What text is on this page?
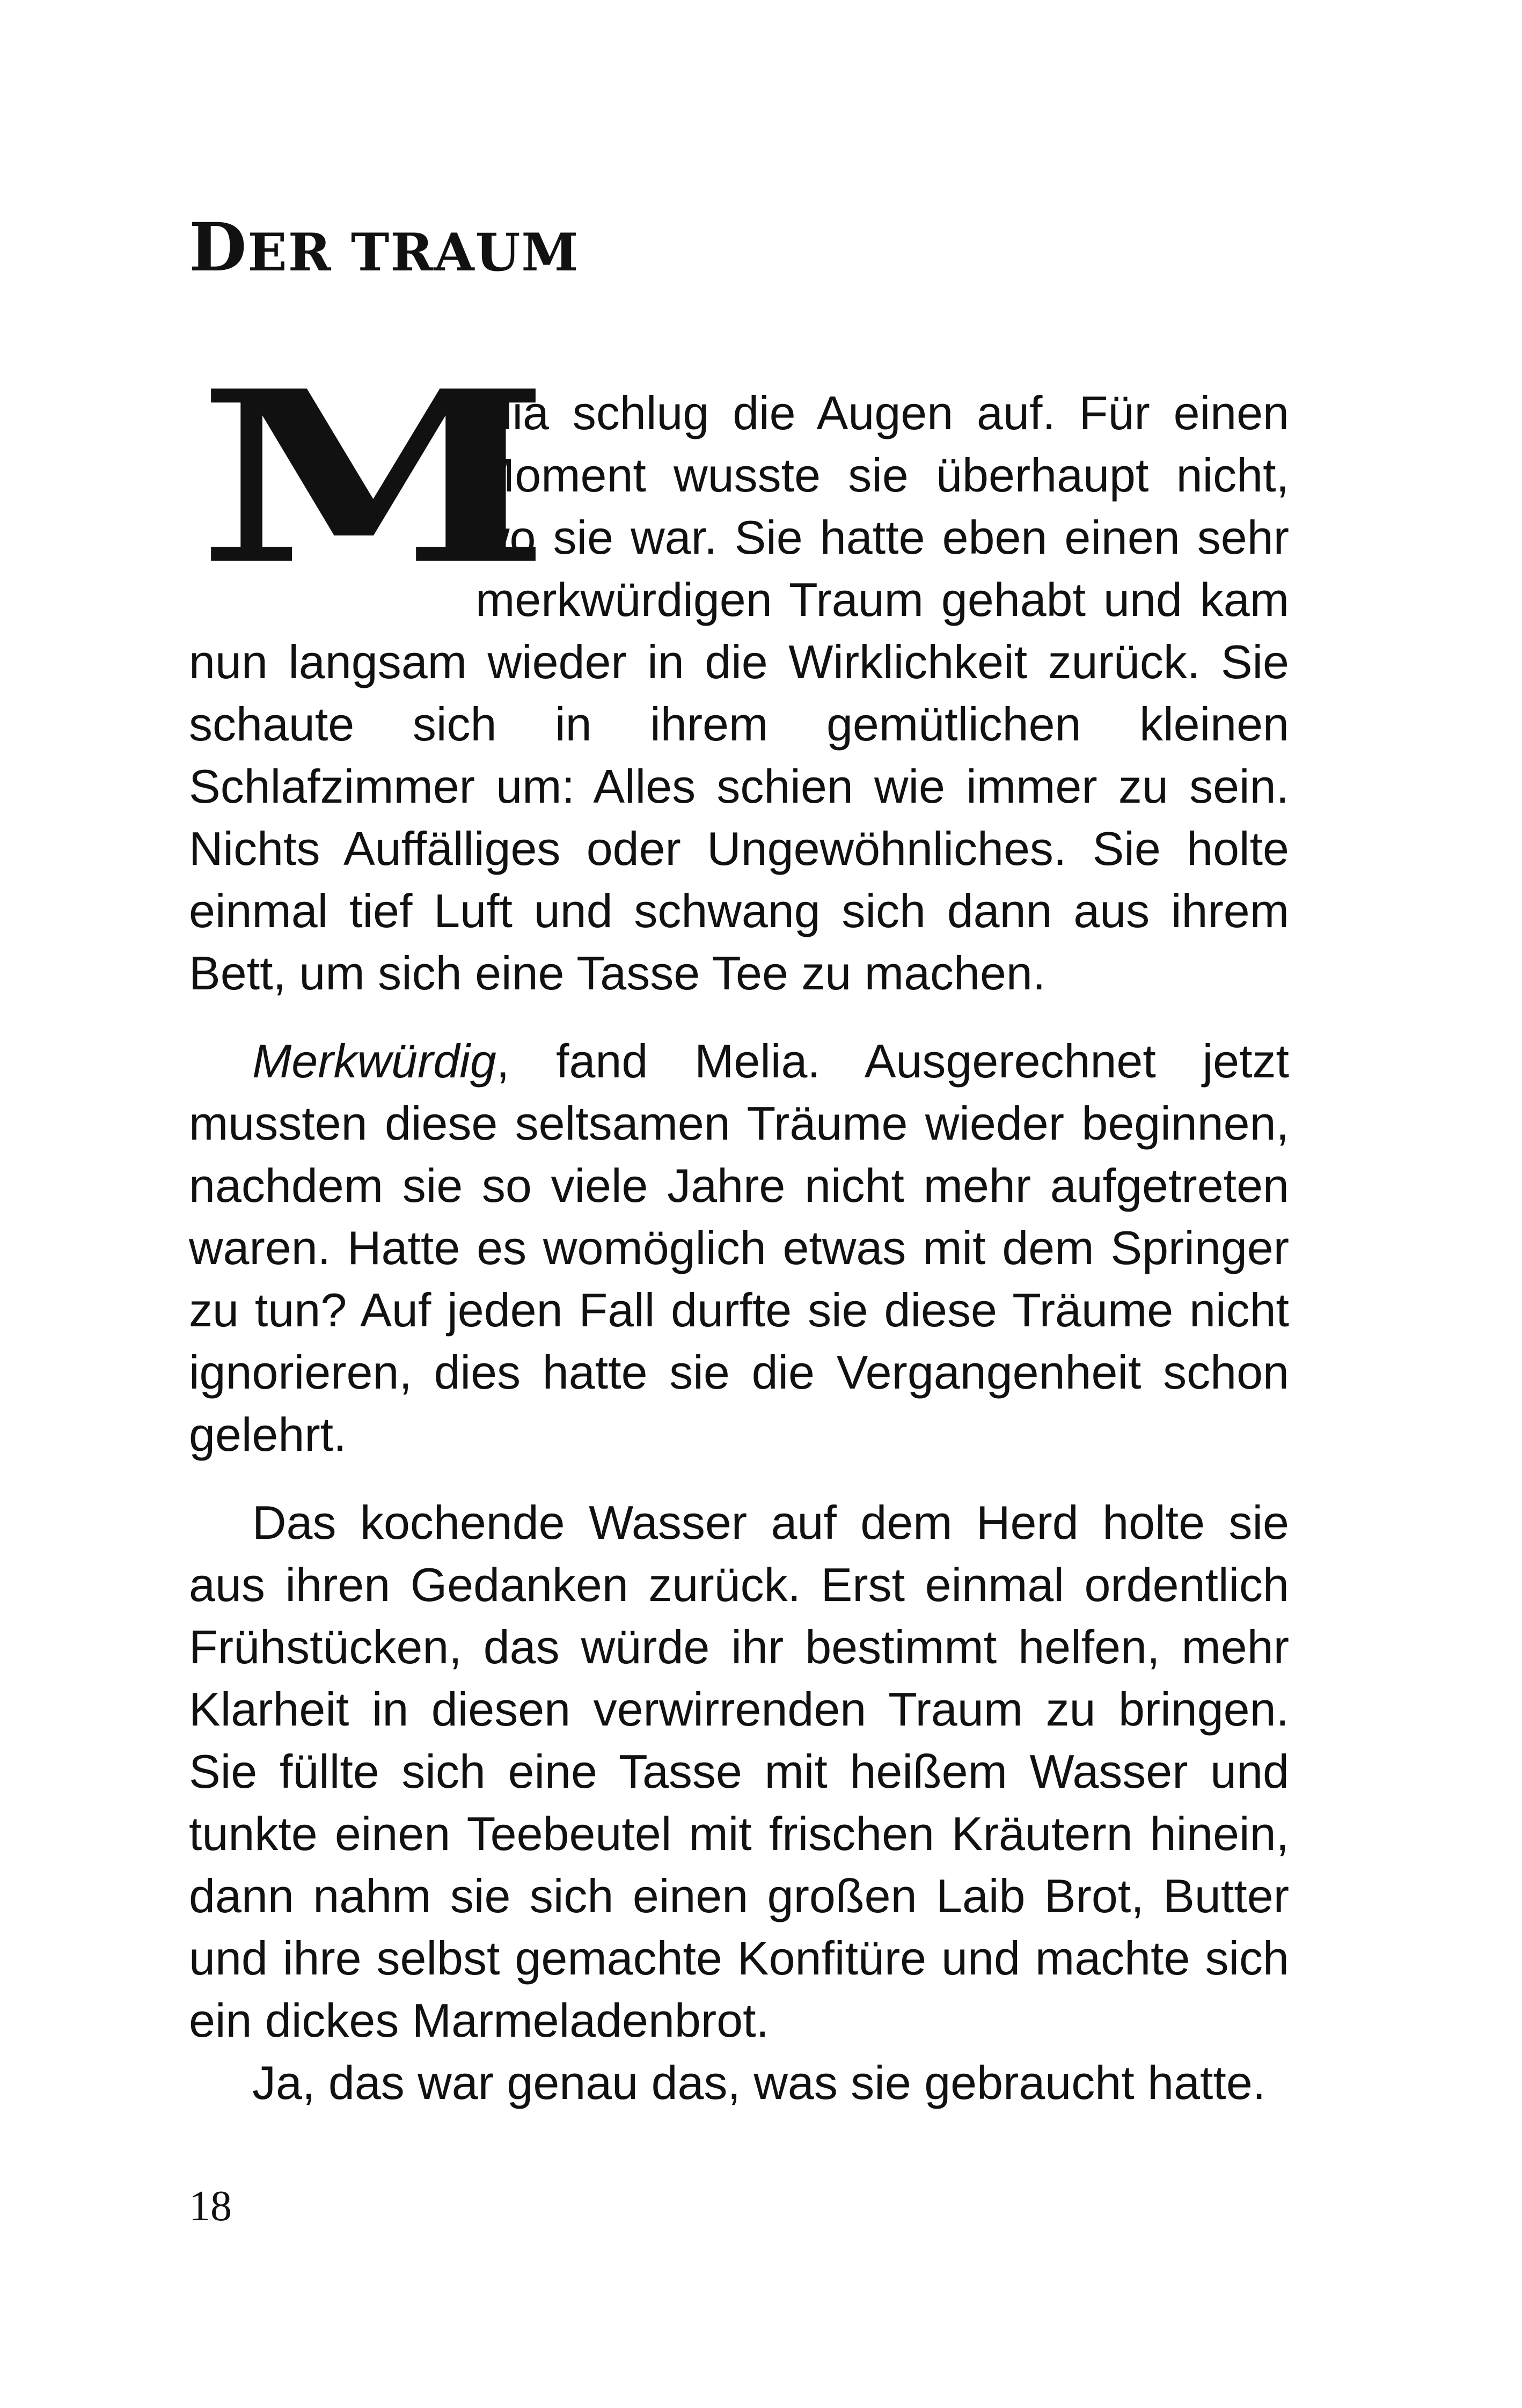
DER TRAUM

M
elia schlug die Augen auf. Für einen Moment wusste sie überhaupt nicht, wo sie war. Sie hatte eben einen sehr merkwürdigen Traum gehabt und kam nun langsam wieder in die Wirklichkeit zurück. Sie schaute sich in ihrem gemütlichen kleinen Schlafzimmer um: Alles schien wie immer zu sein. Nichts Auffälliges oder Ungewöhnliches. Sie holte einmal tief Luft und schwang sich dann aus ihrem Bett, um sich eine Tasse Tee zu machen.

Merkwürdig, fand Melia. Ausgerechnet jetzt mussten diese seltsamen Träume wieder beginnen, nachdem sie so viele Jahre nicht mehr aufgetreten waren. Hatte es womöglich etwas mit dem Springer zu tun? Auf jeden Fall durfte sie diese Träume nicht ignorieren, dies hatte sie die Vergangenheit schon gelehrt.

Das kochende Wasser auf dem Herd holte sie aus ihren Gedanken zurück. Erst einmal ordentlich Frühstücken, das würde ihr bestimmt helfen, mehr Klarheit in diesen verwirrenden Traum zu bringen. Sie füllte sich eine Tasse mit heißem Wasser und tunkte einen Teebeutel mit frischen Kräutern hinein, dann nahm sie sich einen großen Laib Brot, Butter und ihre selbst gemachte Konfitüre und machte sich ein dickes Marmeladenbrot.

Ja, das war genau das, was sie gebraucht hatte.

18
